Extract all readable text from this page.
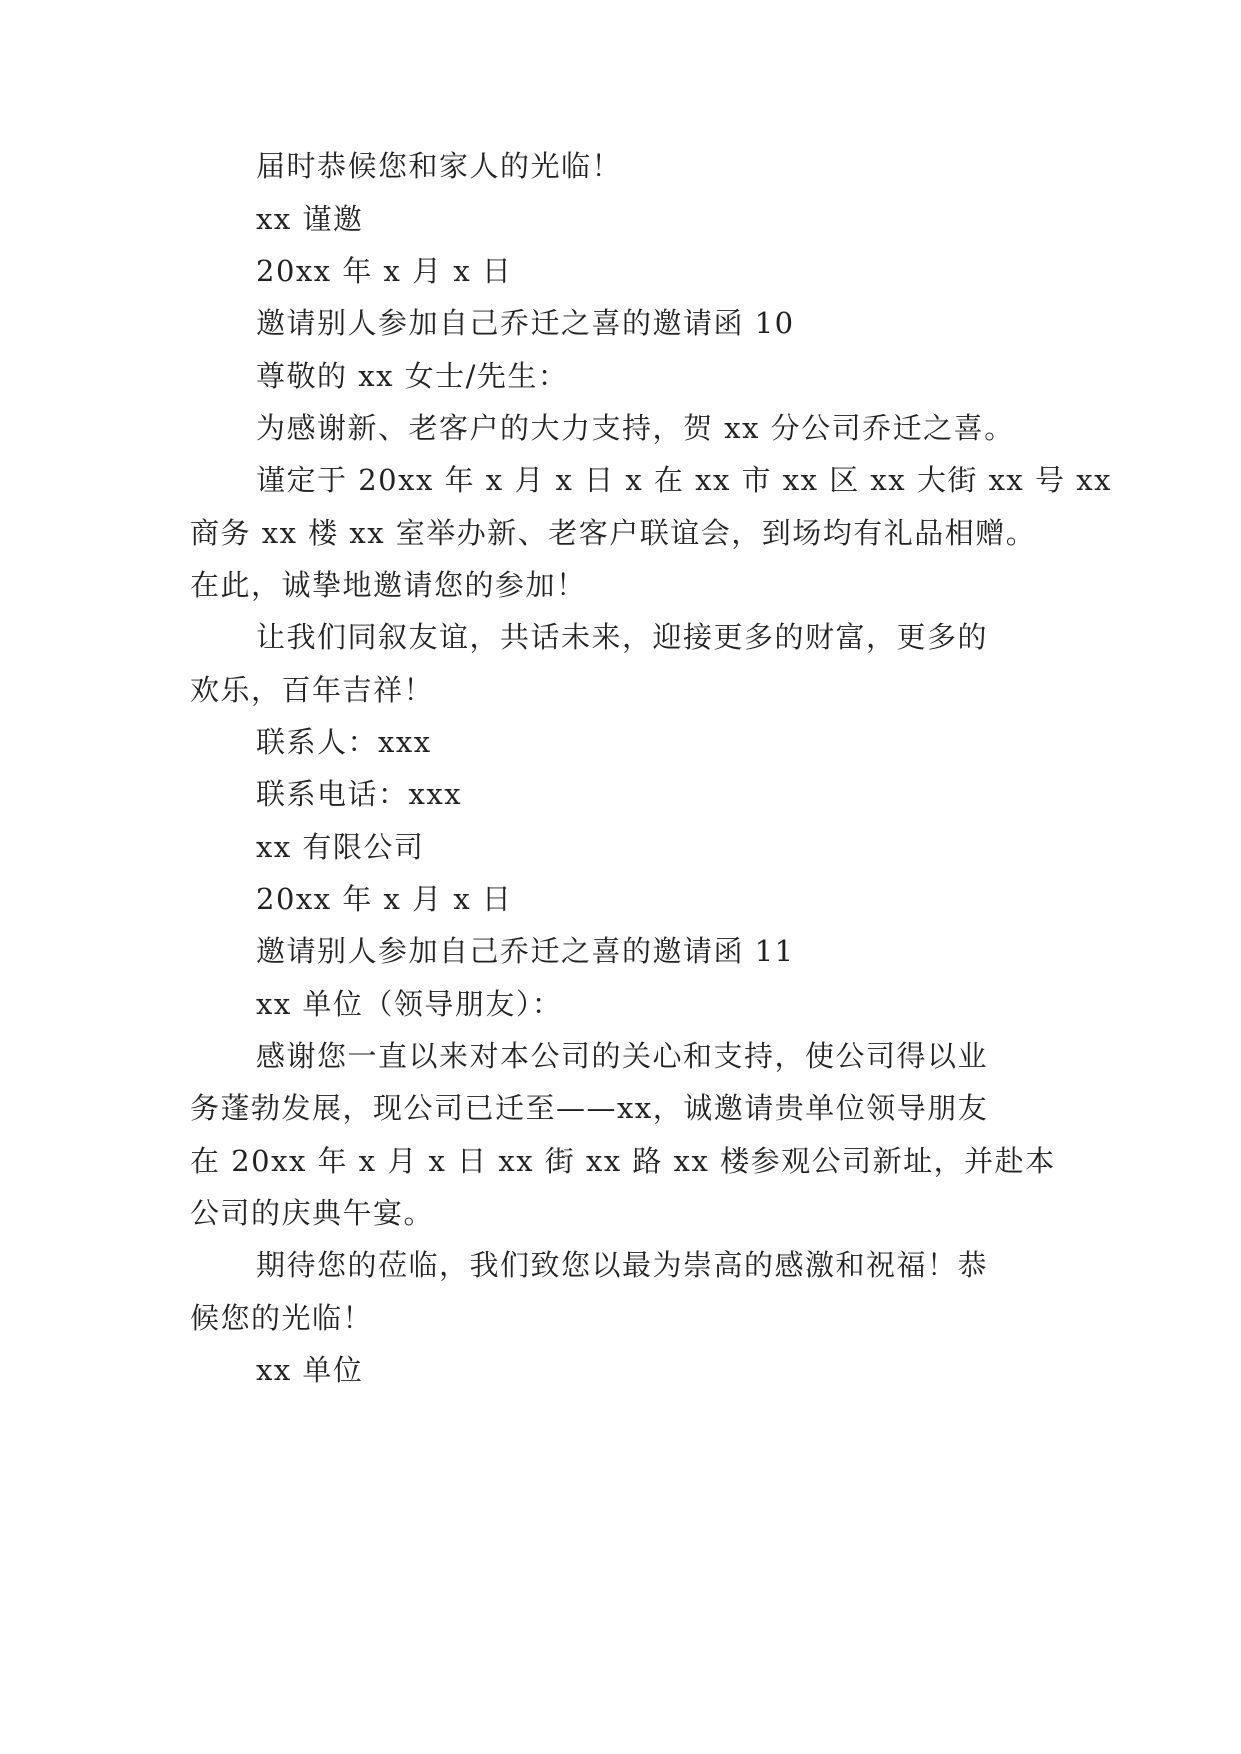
届时恭候您和家人的光临！
xx 谨邀
20xx 年 x 月 x 日
邀请别人参加自己乔迁之喜的邀请函 10
尊敬的 xx 女士/先生：
为感谢新、老客户的大力支持，贺 xx 分公司乔迁之喜。
谨定于 20xx 年 x 月 x 日 x 在 xx 市 xx 区 xx 大街 xx 号 xx
商务 xx 楼 xx 室举办新、老客户联谊会，到场均有礼品相赠。
在此，诚挚地邀请您的参加！
让我们同叙友谊，共话未来，迎接更多的财富，更多的
欢乐，百年吉祥！
联系人：xxx
联系电话：xxx
xx 有限公司
20xx 年 x 月 x 日
邀请别人参加自己乔迁之喜的邀请函 11
xx 单位（领导朋友）：
感谢您一直以来对本公司的关心和支持，使公司得以业
务蓬勃发展，现公司已迁至——xx，诚邀请贵单位领导朋友
在 20xx 年 x 月 x 日 xx 街 xx 路 xx 楼参观公司新址，并赴本
公司的庆典午宴。
期待您的莅临，我们致您以最为崇高的感激和祝福！恭
候您的光临！
xx 单位
